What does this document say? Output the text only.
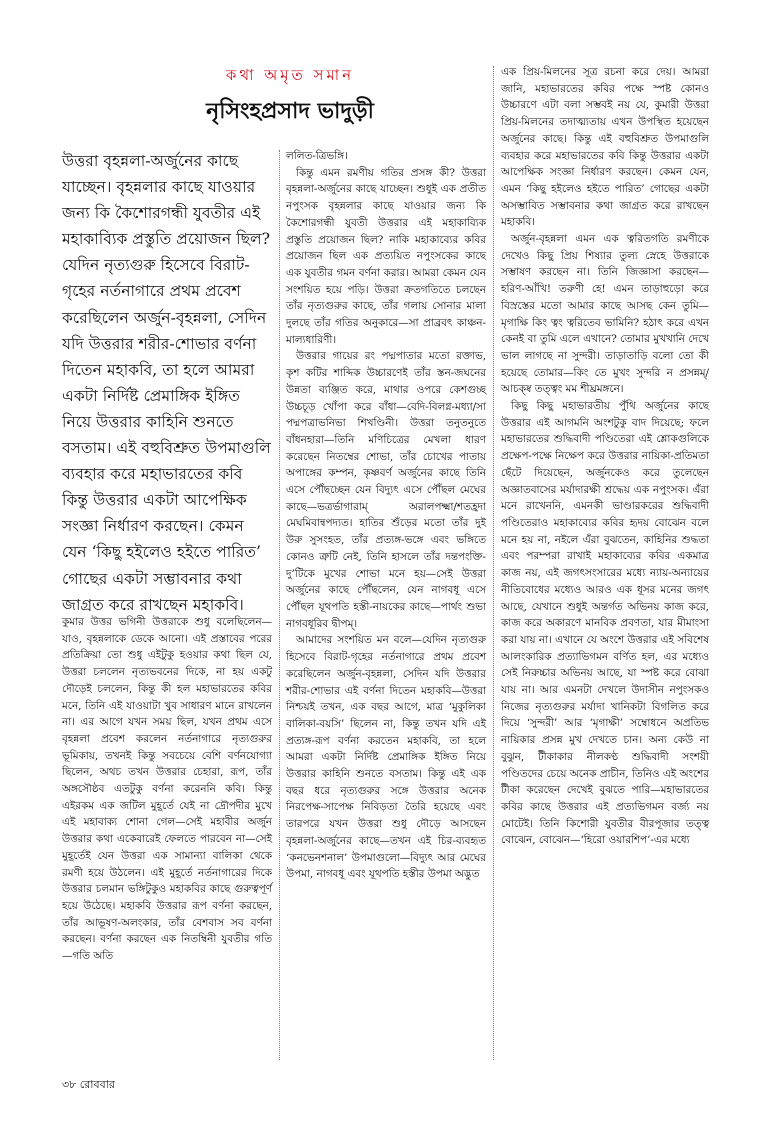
কথা অমৃত সমান
নৃসিংহপ্রসাদ ভাদুড়ী

উত্তরা বৃহন্নলা-অর্জুনের কাছে যাচ্ছেন। বৃহন্নলার কাছে যাওয়ার জন্য কি কৈশোরগন্ধী যুবতীর এই মহাকাব্যিক প্রস্তুতি প্রয়োজন ছিল? যেদিন নৃত্যগুরু হিসেবে বিরাট-গৃহের নর্তনাগারে প্রথম প্রবেশ করেছিলেন অর্জুন-বৃহন্নলা, সেদিন যদি উত্তরার শরীর-শোভার বর্ণনা দিতেন মহাকবি, তা হলে আমরা একটা নির্দিষ্ট প্রেমাঙ্গিক ইঙ্গিত নিয়ে উত্তরার কাহিনি শুনতে বসতাম। এই বহুবিশ্রুত উপমাগুলি ব্যবহার করে মহাভারতের কবি কিন্তু উত্তরার একটা আপেক্ষিক সংজ্ঞা নির্ধারণ করছেন। কেমন যেন ‘কিছু হইলেও হইতে পারিত’ গোছের একটা সম্ভাবনার কথা জাগ্রত করে রাখছেন মহাকবি।

কুমার উত্তর ভগিনী উত্তরাকে শুধু বলেছিলেন—যাও, বৃহন্নলাকে ডেকে আনো। এই প্রস্তাবের পরের প্রতিক্রিয়া তো শুধু এইটুকু হওয়ার কথা ছিল যে, উত্তরা চললেন নৃত্যভবনের দিকে, না হয় একটু দৌড়েই চললেন, কিন্তু কী হল মহাভারতের কবির মনে, তিনি এই যাওয়াটা খুব সাধারণ মানে রাখলেন না। এর আগে যখন সময় ছিল, যখন প্রথম এসে বৃহন্নলা প্রবেশ করলেন নর্তনাগারে নৃত্যগুরুর ভূমিকায়, তখনই কিন্তু সবচেয়ে বেশি বর্ণনযোগ্যা ছিলেন, অথচ তখন উত্তরার চেহারা, রূপ, তাঁর অঙ্গসৌষ্ঠব এতটুকু বর্ণনা করেননি কবি। কিন্তু এইরকম এক জটিল মুহূর্তে যেই না দ্রৌপদীর মুখে এই মহাবাক্য শোনা গেল—সেই মহাবীর অর্জুন উত্তরার কথা একেবারেই ফেলতে পারবেন না—সেই মুহূর্তেই যেন উত্তরা এক সামান্যা বালিকা থেকে রমণী হয়ে উঠলেন। এই মুহূর্তে নর্তনাগারের দিকে উত্তরার চলমান ভঙ্গিটুকুও মহাকবির কাছে গুরুত্বপূর্ণ হয়ে উঠেছে। মহাকবি উত্তরার রূপ বর্ণনা করছেন, তাঁর আভূষণ-অলংকার, তাঁর বেশবাস সব বর্ণনা করছেন। বর্ণনা করছেন এক নিতম্বিনী যুবতীর গতি—গতি অতি

ললিত-ত্রিভঙ্গি।

কিন্তু এমন রমণীয় গতির প্রসঙ্গ কী? উত্তরা বৃহন্নলা-অর্জুনের কাছে যাচ্ছেন। শুধুই এক প্রতীত নপুংসক বৃহন্নলার কাছে যাওয়ার জন্য কি কৈশোরগন্ধী যুবতী উত্তরার এই মহাকাব্যিক প্রস্তুতি প্রয়োজন ছিল? নাকি মহাকাব্যের কবির প্রয়োজন ছিল এক প্রত্যয়িত নপুংসকের কাছে এক যুবতীর গমন বর্ণনা করার। আমরা কেমন যেন সংশয়িত হয়ে পড়ি। উত্তরা ক্রতগতিতে চলছেন তাঁর নৃত্যগুরুর কাছে, তাঁর গলায় সোনার মালা দুলছে তাঁর গতির অনুকারে—সা প্রাব্রবৎ কাঞ্চন-মাল্যধারিণী।

উত্তরার গায়ের রং পদ্মপাতার মতো রক্তাভ, কৃশ কটির শাব্দিক উচ্চারণেই তাঁর স্তন-জঘনের উন্নতা ব্যঞ্জিত করে, মাথার ওপরে কেশগুচ্ছ উচ্চচূড় খোঁপা করে বাঁধা—বেদি-বিলগ্ন-মধ্যা/সা পদ্মপত্রাভনিভা শিখণ্ডিনী। উত্তরা তনুতনুতে বাঁধনহারা—তিনি মণিচিত্রের মেখলা ধারণ করেছেন নিতম্বের শোভা, তাঁর চোখের পাতায় অপাঙ্গের কম্পন, কৃষ্ণবর্ণ অর্জুনের কাছে তিনি এসে পৌঁছচ্ছেন যেন বিদ্যুৎ এসে পৌঁছল মেঘের কাছে—ভত্রর্ভাগারাম্ অরালপক্ষ্মা/শতহ্রদা মেঘমিবান্বপদ্যত। হাতির শুঁড়ের মতো তাঁর দুই উরু সুসংহত, তাঁর প্রত্যঙ্গ-ভঙ্গে এবং ভঙ্গিতে কোনও ত্রুটি নেই, তিনি হাসলে তাঁর দন্তপংক্তি-দু’টিকে মুখের শোভা মনে হয়—সেই উত্তরা অর্জুনের কাছে পৌঁছলেন, যেন নাগবধূ এসে পৌঁছল যূথপতি হস্তী-নায়কের কাছে—পার্থং শুভা নাগবধূরিব দ্বীপম্।

আমাদের সংশয়িত মন বলে—যেদিন নৃত্যগুরু হিসেবে বিরাট-গৃহের নর্তনাগারে প্রথম প্রবেশ করেছিলেন অর্জুন-বৃহন্নলা, সেদিন যদি উত্তরার শরীর-শোভার এই বর্ণনা দিতেন মহাকবি—উত্তরা নিশ্চয়ই তখন, এক বছর আগে, মাত্র ‘মুকুলিকা বালিকা-বয়সি’ ছিলেন না, কিন্তু তখন যদি এই প্রত্যঙ্গ-রূপ বর্ণনা করতেন মহাকবি, তা হলে আমরা একটা নির্দিষ্ট প্রেমাঙ্গিক ইঙ্গিত নিয়ে উত্তরার কাহিনি শুনতে বসতাম। কিন্তু এই এক বছর ধরে নৃত্যগুরুর সঙ্গে উত্তরার অনেক নিরপেক্ষ-সাপেক্ষ নিবিড়তা তৈরি হয়েছে এবং তারপরে যখন উত্তরা শুধু দৌড়ে আসছেন বৃহন্নলা-অর্জুনের কাছে—তখন এই চির-ব্যবহৃত ‘কনভেনশনাল’ উপমাগুলো—বিদ্যুৎ আর মেঘের উপমা, নাগবধূ এবং যূথপতি হস্তীর উপমা অদ্ভুত

এক প্রিয়-মিলনের সূত্র রচনা করে দেয়। আমরা জানি, মহাভারতের কবির পক্ষে স্পষ্ট কোনও উচ্চারণে এটা বলা সম্ভবই নয় যে, কুমারী উত্তরা প্রিয়-মিলনের তদাত্ম্যতায় এখন উপস্থিত হয়েছেন অর্জুনের কাছে। কিন্তু এই বহুবিশ্রুত উপমাগুলি ব্যবহার করে মহাভারতের কবি কিন্তু উত্তরার একটা আপেক্ষিক সংজ্ঞা নির্ধারণ করছেন। কেমন যেন, এমন ‘কিছু হইলেও হইতে পারিত’ গোছের একটা অসম্ভাবিত সম্ভাবনার কথা জাগ্রত করে রাখছেন মহাকবি।

অর্জুন-বৃহন্নলা এমন এক ত্বরিতগতি রমণীকে দেখেও কিছু প্রিয় শিষ্যার তুল্য স্নেহে উত্তরাকে সম্ভাষণ করছেন না। তিনি জিজ্ঞাসা করছেন—হরিণ-আঁখি! তরুণী হে! এমন তাড়াহুড়ো করে বিস্রস্তের মতো আমার কাছে আসছ কেন তুমি—মৃগাক্ষি কিং ত্বং ত্বরিতেব ভামিনি? হঠাৎ করে এখন কেনই বা তুমি এলে এখানে? তোমার মুখখানি দেখে ভাল লাগছে না সুন্দরী। তাড়াতাড়ি বলো তো কী হয়েছে তোমার—কিং তে মুখং সুন্দরি ন প্রসন্নম্/আচক্ষ্ব তত্ত্বং মম শীঘ্রমঙ্গনে।

কিছু কিছু মহাভারতীয় পুঁথি অর্জুনের কাছে উত্তরার এই আগমনি অংশটুকু বাদ দিয়েছে; ফলে মহাভারতের শুদ্ধিবাদী পণ্ডিতেরা এই শ্লোকগুলিকে প্রক্ষেপ-পক্ষে নিক্ষেপ করে উত্তরার নায়িকা-প্রতিমতা ছেঁটে দিয়েছেন, অর্জুনকেও করে তুলেছেন অজ্ঞাতবাসের মর্যাদারক্ষী শ্রদ্ধেয় এক নপুংসক। এঁরা মনে রাখেননি, এমনকী ভাণ্ডারকরের শুদ্ধিবাদী পণ্ডিতেরাও মহাকাব্যের কবির হৃদয় বোঝেন বলে মনে হয় না, নইলে এঁরা বুঝতেন, কাহিনির শুদ্ধতা এবং পরম্পরা রাখাই মহাকাব্যের কবির একমাত্র কাজ নয়, এই জগৎসংসারের মধ্যে ন্যায়-অন্যায়ের নীতিবোধের মধ্যেও আরও এক ধূসর মনের জগৎ আছে, যেখানে শুধুই অন্তর্গত অভিনয় কাজ করে, কাজ করে অকারণে মানবিক প্রবণতা, যার মীমাংসা করা যায় না। এখানে যে অংশে উত্তরার এই সবিশেষ আলংকারিক প্রত্যাভিগমন বর্ণিত হল, এর মধ্যেও সেই নিরুচ্চার অভিনয় আছে, যা স্পষ্ট করে বোঝা যায় না। আর এমনটা দেখলে উদাসীন নপুংসকও নিজের নৃত্যগুরুর মর্যাদা খানিকটা বিগলিত করে দিয়ে ‘সুন্দরী’ আর ‘মৃগাক্ষী’ সম্বোধনে অপ্রতিভ নায়িকার প্রসন্ন মুখ দেখতে চান। অন্য কেউ না বুঝুন, টীকাকার নীলকণ্ঠ শুদ্ধিবাদী সংশয়ী পণ্ডিতদের চেয়ে অনেক প্রাচীন, তিনিও এই অংশের টীকা করেছেন দেখেই বুঝতে পারি—মহাভারতের কবির কাছে উত্তরার এই প্রত্যভিগমন বর্জ্য নয় মোটেই। তিনি কিশোরী যুবতীর বীরপূজার তত্ত্ব বোঝেন, বোঝেন—‘হিরো ওয়ারশিপ’-এর মধ্যে

৩৮ রোববার
